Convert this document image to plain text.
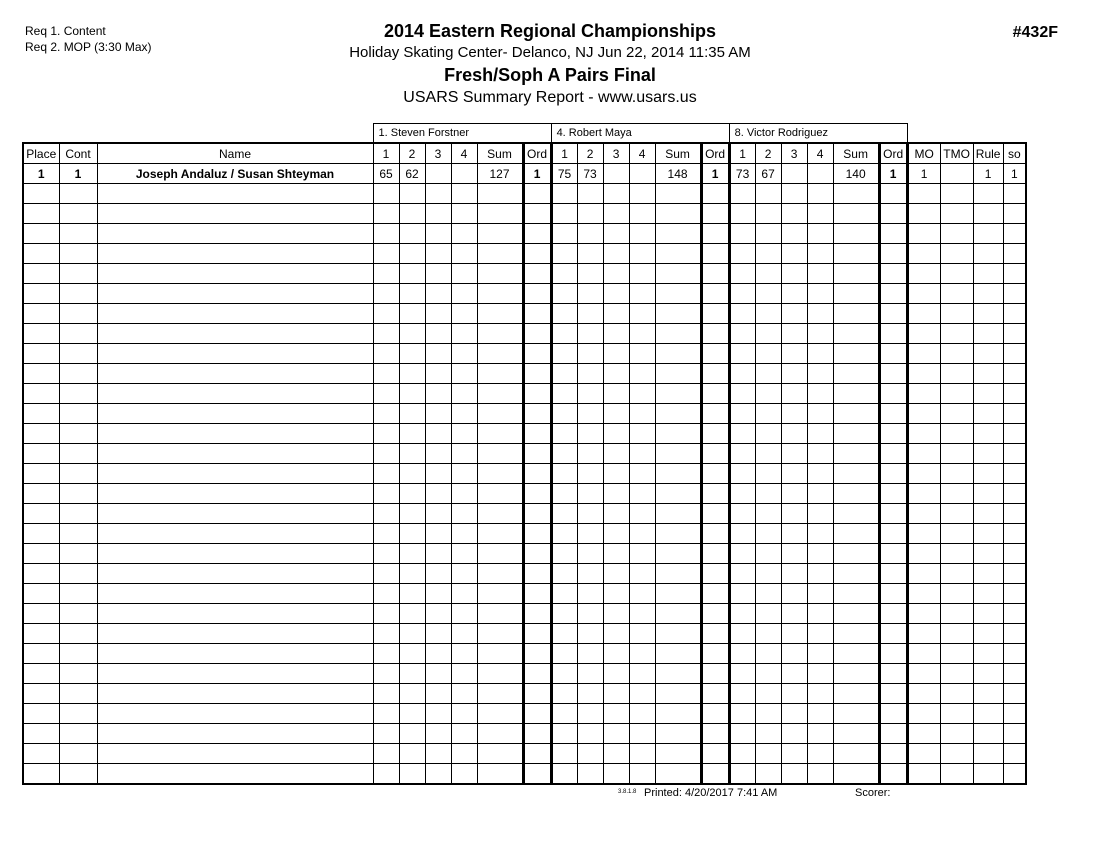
Req 1. Content
Req 2. MOP (3:30 Max)
#432F
2014 Eastern Regional Championships
Holiday Skating Center- Delanco, NJ Jun 22, 2014 11:35 AM
Fresh/Soph A Pairs Final
USARS Summary Report - www.usars.us
			1. Steven Forstner						4. Robert Maya						8. Victor Rodriguez									
Place	Cont	Name	1	2	3	4	Sum	Ord	1	2	3	4	Sum	Ord	1	2	3	4	Sum	Ord	MO	TMO	Rule	so
1	1	Joseph Andaluz / Susan Shteyman	65	62			127	1	75	73			148	1	73	67			140	1	1		1	1

3.8.1.8 Printed: 4/20/2017 7:41 AM	Scorer:
